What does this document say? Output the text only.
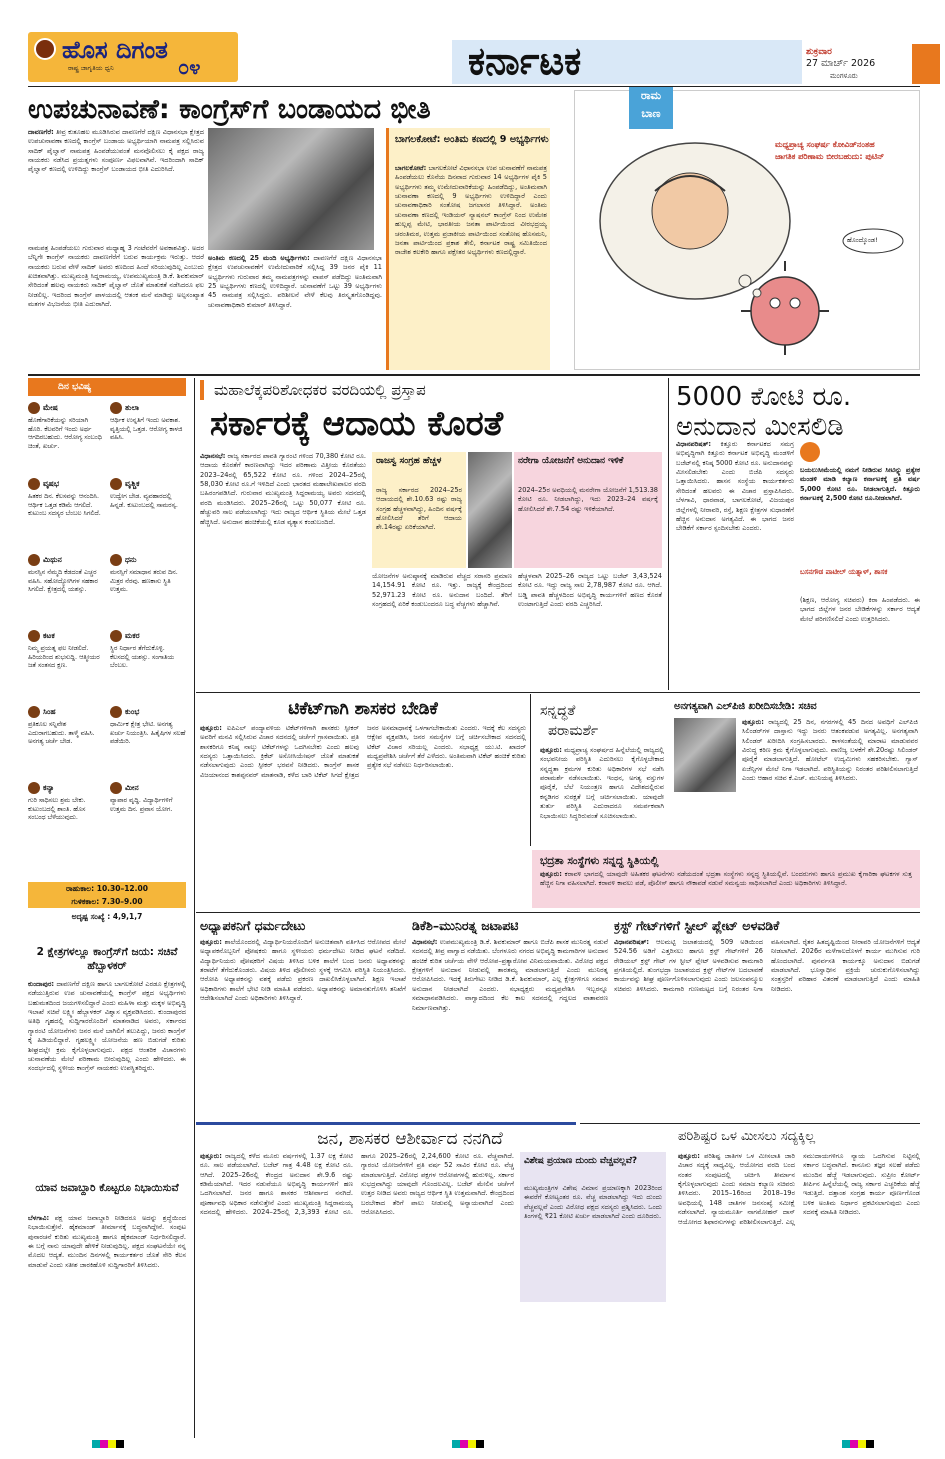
ಹೊಸ ದಿಗಂತ
ರಾಷ್ಟ್ರ ಜಾಗೃತಿಯ ಧ್ವನಿ	೦೪	ಕರ್ನಾಟಕ	ಶುಕ್ರವಾರ
27 ಮಾರ್ಚ್ 2026
ಮಂಗಳೂರು
ಉಪಚುನಾವಣೆ: ಕಾಂಗ್ರೆಸ್‌ಗೆ ಬಂಡಾಯದ ಭೀತಿ
ದಾವಣಗೆರೆ: ತೀವ್ರ ಕುತೂಹಲ ಮೂಡಿಸಿರುವ ದಾವಣಗೆರೆ ದಕ್ಷಿಣ ವಿಧಾನಸಭಾ ಕ್ಷೇತ್ರದ ಉಪಚುನಾವಣಾ ಕಣದಲ್ಲಿ ಕಾಂಗ್ರೆಸ್ ಬಂಡಾಯ ಅಭ್ಯರ್ಥಿಯಾಗಿ ನಾಮಪತ್ರ ಸಲ್ಲಿಸಿರುವ ಸಾದಿಕ್ ಪೈಲ್ವಾನ್ ನಾಮಪತ್ರ ಹಿಂಪಡೆಯುವಂತೆ ಮನವೊಲಿಸಲು ಕೈ ಪಕ್ಷದ ರಾಜ್ಯ ನಾಯಕರು ನಡೆಸಿದ ಪ್ರಯತ್ನಗಳು ಸಂಪೂರ್ಣ ವಿಫಲವಾಗಿವೆ. ಇದರಿಂದಾಗಿ ಸಾದಿಕ್ ಪೈಲ್ವಾನ್ ಕಣದಲ್ಲಿ ಉಳಿದಿದ್ದು ಕಾಂಗ್ರೆಸ್ ಬಂಡಾಯದ ಭೀತಿ ಎದುರಿಸಿದೆ.
ನಾಮಪತ್ರ ಹಿಂಪಡೆಯಲು ಗುರುವಾರ ಮಧ್ಯಾಹ್ನ 3 ಗಂಟೆವರೆಗೆ ಅವಕಾಶವಿತ್ತು. ಅದರ ಬೆನ್ನಿಗೇ ಕಾಂಗ್ರೆಸ್ ನಾಯಕರು ದಾವಣಗೆರೆಗೆ ಬರುವ ಕಾರ್ಯಕ್ರಮ ಇರುತ್ತು. ಆದರೆ ನಾಯಕರು ಬರುವ ವೇಳೆ ಸಾದಿಕ್ ಅವರು ಕಣದಿಂದ ಹಿಂದೆ ಸರಿಯುವುದಿಲ್ಲ ಎಂಬುದು ಖಚಿತವಾಗಿತ್ತು. ಮುಖ್ಯಮಂತ್ರಿ ಸಿದ್ದರಾಮಯ್ಯ, ಉಪಮುಖ್ಯಮಂತ್ರಿ ಡಿ.ಕೆ. ಶಿವಕುಮಾರ್ ಸೇರಿದಂತೆ ಹಲವು ನಾಯಕರು ಸಾದಿಕ್ ಪೈಲ್ವಾನ್ ಜೊತೆ ಮಾತುಕತೆ ನಡೆಸಿದರೂ ಫಲ ನೀಡಲಿಲ್ಲ. ಇದರಿಂದ ಕಾಂಗ್ರೆಸ್ ಪಾಳಯದಲ್ಲಿ ಆತಂಕ ಮನೆ ಮಾಡಿದ್ದು ಅಲ್ಪಸಂಖ್ಯಾತ ಮತಗಳ ವಿಭಜನೆಯ ಭೀತಿ ಎದುರಾಗಿದೆ.
ಅಂತಿಮ ಕಣದಲ್ಲಿ 25 ಮಂದಿ ಅಭ್ಯರ್ಥಿಗಳು: ದಾವಣಗೆರೆ ದಕ್ಷಿಣ ವಿಧಾನಸಭಾ ಕ್ಷೇತ್ರದ ಉಪಚುನಾವಣೆಗೆ ಉಮೇದುವಾರಿಕೆ ಸಲ್ಲಿಸಿದ್ದ 39 ಜನರ ಪೈಕಿ 11 ಅಭ್ಯರ್ಥಿಗಳು ಗುರುವಾರ ತಮ್ಮ ನಾಮಪತ್ರಗಳನ್ನು ವಾಪಸ್ ಪಡೆದಿದ್ದು ಅಂತಿಮವಾಗಿ 25 ಅಭ್ಯರ್ಥಿಗಳು ಕಣದಲ್ಲಿ ಉಳಿದಿದ್ದಾರೆ. ಚುನಾವಣೆಗೆ ಒಟ್ಟು 39 ಅಭ್ಯರ್ಥಿಗಳು 45 ನಾಮಪತ್ರ ಸಲ್ಲಿಸಿದ್ದರು. ಪರಿಶೀಲನೆ ವೇಳೆ ಕೆಲವು ತಿರಸ್ಕೃತಗೊಂಡಿದ್ದವು. ಚುನಾವಣಾಧಿಕಾರಿ ಕುಮಾರ್ ತಿಳಿಸಿದ್ದಾರೆ.
ಬಾಗಲಕೋಟೆ: ಅಂತಿಮ ಕಣದಲ್ಲಿ 9 ಅಭ್ಯರ್ಥಿಗಳು
ಬಾಗಲಕೋಟೆ: ಬಾಗಲಕೋಟೆ ವಿಧಾನಸಭಾ ಉಪ ಚುನಾವಣೆಗೆ ನಾಮಪತ್ರ ಹಿಂಪಡೆಯಲು ಕೊನೆಯ ದಿನವಾದ ಗುರುವಾರ 14 ಅಭ್ಯರ್ಥಿಗಳ ಪೈಕಿ 5 ಅಭ್ಯರ್ಥಿಗಳು ತಮ್ಮ ಉಮೇದುವಾರಿಕೆಯನ್ನು ಹಿಂಪಡೆದಿದ್ದು, ಅಂತಿಮವಾಗಿ ಚುನಾವಣಾ ಕಣದಲ್ಲಿ 9 ಅಭ್ಯರ್ಥಿಗಳು ಉಳಿದಿದ್ದಾರೆ ಎಂದು ಚುನಾವಣಾಧಿಕಾರಿ ಸಂತೋಷ ಜಗಲಾಸರ ತಿಳಿಸಿದ್ದಾರೆ. ಅಂತಿಮ ಚುನಾವಣಾ ಕಣದಲ್ಲಿ ಇಂಡಿಯನ್ ನ್ಯಾಷನಲ್ ಕಾಂಗ್ರೆಸ್ ನಿಂದ ಉಮೇಶ ಹುಲ್ಲಪ್ಪ ಮೇಟಿ, ಭಾರತೀಯ ಜನತಾ ಪಾರ್ಟಿಯಿಂದ ವೀರಭದ್ರಯ್ಯ ಚರಂತಿಮಠ, ಉತ್ತಮ ಪ್ರಜಾಕೀಯ ಪಾರ್ಟಿಯಿಂದ ಸಂತೋಷ ಹೊಸಮನಿ, ಜನತಾ ಪಾರ್ಟಿಯಿಂದ ಪ್ರಕಾಶ ತೇಲಿ, ಕರ್ನಾಟಕ ರಾಷ್ಟ್ರ ಸಮಿತಿಯಿಂದ ರಾಜೇಶ ಕಲಕೇರಿ ಹಾಗೂ ಪಕ್ಷೇತರ ಅಭ್ಯರ್ಥಿಗಳು ಕಣದಲ್ಲಿದ್ದಾರೆ.
ರಾಮ
ಬಾಣ
ಮಧ್ಯಪ್ರಾಚ್ಯ ಸಂಘರ್ಷ ಕೋವಿಡ್‌ನಂತಹ ಜಾಗತಿಕ ಪರಿಣಾಮ ಬೀರಬಹುದು: ಪುಟಿನ್
ಹೊಂದ್ಕೊಂಡ!
ದಿನ ಭವಿಷ್ಯ
ಮೇಷ
ಹೊಣೆಗಾರಿಕೆಯನ್ನು ಸರಿಯಾಗಿ ಹೊರಿ. ಕೆಲವರಿಗೆ ಇಂದು ಅರ್ಥ ಆಗದಿರಬಹುದು. ಆರೋಗ್ಯ ಸಂಬಂಧಿ ಚಿಂತೆ, ಖರ್ಚು.
ವೃಷಭ
ಹಿತಕರ ದಿನ. ಕೆಲಸವನ್ನು ಆನಂದಿಸಿ. ಆರ್ಥಿಕ ಒತ್ತಡ ಕಡಿಮೆ ಆಗಲಿದೆ. ಕುಟುಂಬ ಸದಸ್ಯರ ಬೆಂಬಲ ಸಿಗಲಿದೆ.
ಮಿಥುನ
ಮನಸ್ಸಿನ ನೆಮ್ಮದಿ ಕೆಡದಂತೆ ಎಚ್ಚರ ವಹಿಸಿ. ಸಹೋದ್ಯೋಗಿಗಳ ಸಹಕಾರ ಸಿಗಲಿದೆ. ಕ್ಷೇತ್ರದಲ್ಲಿ ಯಶಸ್ಸು.
ಕಟಕ
ನಿಮ್ಮ ಪ್ರಯತ್ನ ಫಲ ನೀಡಲಿದೆ. ಹಿರಿಯರಿಂದ ಶುಭಸುದ್ದಿ. ಆತ್ಮೀಯರ ಜತೆ ಸಂತಸದ ಕ್ಷಣ.
ಸಿಂಹ
ಪ್ರತಿಕೂಲ ಸನ್ನಿವೇಶ ಎದುರಾಗಬಹುದು. ತಾಳ್ಮೆ ವಹಿಸಿ. ಅನಗತ್ಯ ಚರ್ಚೆ ಬೇಡ.
ಕನ್ಯಾ
ಗುರಿ ಸಾಧಿಸಲು ಶ್ರಮ ಬೇಕು. ಕುಟುಂಬದಲ್ಲಿ ಶಾಂತಿ. ಹೊಸ ಸಂಬಂಧ ಬೆಳೆಯುವುದು.
ತುಲಾ
ಆರ್ಥಿಕ ಉನ್ನತಿಗೆ ಇಂದು ಅವಕಾಶ. ವೃತ್ತಿಯಲ್ಲಿ ಒತ್ತಡ. ಆರೋಗ್ಯ ಕಾಳಜಿ ವಹಿಸಿ.
ವೃಶ್ಚಿಕ
ಉದ್ವೇಗ ಬೇಡ. ವ್ಯವಹಾರದಲ್ಲಿ ಹಿನ್ನಡೆ. ಕುಟುಂಬದಲ್ಲಿ ಸಾಮರಸ್ಯ.
ಧನು
ಮನಸ್ಸಿಗೆ ಸಮಾಧಾನ ತರುವ ದಿನ. ಮಿತ್ರರ ನೆರವು. ಹಣಕಾಸು ಸ್ಥಿತಿ ಉತ್ತಮ.
ಮಕರ
ಸ್ಥಿರ ನಿರ್ಧಾರ ತೆಗೆದುಕೊಳ್ಳಿ. ಕೆಲಸದಲ್ಲಿ ಯಶಸ್ಸು. ಸಂಗಾತಿಯ ಬೆಂಬಲ.
ಕುಂಭ
ಧಾರ್ಮಿಕ ಕ್ಷೇತ್ರ ಭೇಟಿ. ಅನಗತ್ಯ ಖರ್ಚು ನಿಯಂತ್ರಿಸಿ. ಹಿತೈಷಿಗಳ ಸಲಹೆ ಪಡೆಯಿರಿ.
ಮೀನ
ವ್ಯಾಪಾರ ವೃದ್ಧಿ. ವಿದ್ಯಾರ್ಥಿಗಳಿಗೆ ಉತ್ತಮ ದಿನ. ಪ್ರವಾಸ ಯೋಗ.
ರಾಹುಕಾಲ: 10.30–12.00
ಗುಳಿಕಕಾಲ: 7.30–9.00
ಅದೃಷ್ಟ ಸಂಖ್ಯೆ : 4,9,1,7
2 ಕ್ಷೇತ್ರಗಳಲ್ಲೂ ಕಾಂಗ್ರೆಸ್‌ಗೆ ಜಯ: ಸಚಿವೆ ಹೆಬ್ಬಾಳಕರ್
ಕುಂದಾಪುರ: ದಾವಣಗೆರೆ ದಕ್ಷಿಣ ಹಾಗೂ ಬಾಗಲಕೋಟೆ ಎರಡೂ ಕ್ಷೇತ್ರಗಳಲ್ಲಿ ನಡೆಯುತ್ತಿರುವ ಉಪ ಚುನಾವಣೆಯಲ್ಲಿ ಕಾಂಗ್ರೆಸ್ ಪಕ್ಷದ ಅಭ್ಯರ್ಥಿಗಳು ಬಹುಮತದಿಂದ ಜಯಗಳಿಸಲಿದ್ದಾರೆ ಎಂದು ಮಹಿಳಾ ಮತ್ತು ಮಕ್ಕಳ ಅಭಿವೃದ್ಧಿ ಇಲಾಖೆ ಸಚಿವೆ ಲಕ್ಷ್ಮೀ ಹೆಬ್ಬಾಳಕರ್ ವಿಶ್ವಾಸ ವ್ಯಕ್ತಪಡಿಸಿದರು. ಕುಂದಾಪುರದ ಅತಿಥಿ ಗೃಹದಲ್ಲಿ ಸುದ್ದಿಗಾರರೊಂದಿಗೆ ಮಾತನಾಡಿದ ಅವರು, ಸರ್ಕಾರದ ಗ್ಯಾರಂಟಿ ಯೋಜನೆಗಳು ಜನರ ಮನೆ ಬಾಗಿಲಿಗೆ ತಲುಪಿದ್ದು, ಜನರು ಕಾಂಗ್ರೆಸ್ ಕೈ ಹಿಡಿಯಲಿದ್ದಾರೆ. ಗೃಹಲಕ್ಷ್ಮೀ ಯೋಜನೆಯ ಹಣ ಬಿಡುಗಡೆ ಕುರಿತು ಶೀಘ್ರದಲ್ಲೇ ಕ್ರಮ ಕೈಗೊಳ್ಳಲಾಗುವುದು. ಪಕ್ಷದ ಆಂತರಿಕ ವಿಚಾರಗಳು ಚುನಾವಣೆಯ ಮೇಲೆ ಪರಿಣಾಮ ಬೀರುವುದಿಲ್ಲ ಎಂದು ಹೇಳಿದರು. ಈ ಸಂದರ್ಭದಲ್ಲಿ ಸ್ಥಳೀಯ ಕಾಂಗ್ರೆಸ್ ನಾಯಕರು ಉಪಸ್ಥಿತರಿದ್ದರು.
ಯಾವ ಜವಾಬ್ದಾರಿ ಕೊಟ್ಟರೂ ನಿಭಾಯಿಸುವೆ
ಬೆಳಗಾವಿ: ಪಕ್ಷ ಯಾವ ಜವಾಬ್ದಾರಿ ನೀಡಿದರೂ ಅದನ್ನು ಶ್ರದ್ಧೆಯಿಂದ ನಿಭಾಯಿಸುತ್ತೇನೆ. ಹೈಕಮಾಂಡ್ ತೀರ್ಮಾನಕ್ಕೆ ಬದ್ಧನಾಗಿದ್ದೇನೆ. ಸಂಪುಟ ಪುನಾರಚನೆ ಕುರಿತು ಮುಖ್ಯಮಂತ್ರಿ ಹಾಗೂ ಹೈಕಮಾಂಡ್ ನಿರ್ಧರಿಸಲಿದ್ದಾರೆ. ಈ ಬಗ್ಗೆ ನಾನು ಯಾವುದೇ ಹೇಳಿಕೆ ನೀಡುವುದಿಲ್ಲ. ಪಕ್ಷದ ಸಂಘಟನೆಯೇ ನನ್ನ ಮೊದಲ ಆದ್ಯತೆ. ಮುಂದಿನ ದಿನಗಳಲ್ಲಿ ಕಾರ್ಯಕರ್ತರ ಜೊತೆ ಸೇರಿ ಕೆಲಸ ಮಾಡುವೆ ಎಂದು ಸತೀಶ ಜಾರಕಿಹೊಳಿ ಸುದ್ದಿಗಾರರಿಗೆ ತಿಳಿಸಿದರು.
ಮಹಾಲೆಕ್ಕಪರಿಶೋಧಕರ ವರದಿಯಲ್ಲಿ ಪ್ರಸ್ತಾಪ
ಸರ್ಕಾರಕ್ಕೆ ಆದಾಯ ಕೊರತೆ
ವಿಧಾನಸಭೆ: ರಾಜ್ಯ ಸರ್ಕಾರದ ಪಾವತಿ ಗ್ಯಾರಂಟಿ ಗಳಿಂದ 70,380 ಕೋಟಿ ರೂ. ಆದಾಯ ಕೊರತೆಗೆ ಕಾರಣವಾಗಿದ್ದು ಇದರ ಪರಿಣಾಮ ವಿತ್ತೀಯ ಕೊರತೆಯು 2023–24ರಲ್ಲಿ 65,522 ಕೋಟಿ ರೂ. ಗಳಿಂದ 2024–25ರಲ್ಲಿ 58,030 ಕೋಟಿ ರೂ.ಗೆ ಇಳಿದಿದೆ ಎಂದು ಭಾರತದ ಮಹಾಲೇಖಪಾಲರ ವರದಿ ಬಹಿರಂಗಪಡಿಸಿದೆ. ಗುರುವಾರ ಮುಖ್ಯಮಂತ್ರಿ ಸಿದ್ದರಾಮಯ್ಯ ಅವರು ಸದನದಲ್ಲಿ ವರದಿ ಮಂಡಿಸಿದರು. 2025–26ರಲ್ಲಿ ಒಟ್ಟು 50,077 ಕೋಟಿ ರೂ. ಹೆಚ್ಚುವರಿ ಸಾಲ ಪಡೆಯಲಾಗಿದ್ದು ಇದು ರಾಜ್ಯದ ಆರ್ಥಿಕ ಸ್ಥಿತಿಯ ಮೇಲೆ ಒತ್ತಡ ಹೆಚ್ಚಿಸಿದೆ. ಅನುದಾನ ಹಂಚಿಕೆಯಲ್ಲಿ ಕೂಡ ವ್ಯತ್ಯಾಸ ಕಂಡುಬಂದಿದೆ.
ರಾಜಸ್ವ ಸಂಗ್ರಹ ಹೆಚ್ಚಳ
ರಾಜ್ಯ ಸರ್ಕಾರದ 2024–25ರ ಆದಾಯದಲ್ಲಿ ಶೇ.10.63 ರಷ್ಟು ರಾಜ್ಯ ಸಂಗ್ರಹ ಹೆಚ್ಚಳವಾಗಿದ್ದು, ಹಿಂದಿನ ವರ್ಷಕ್ಕೆ ಹೋಲಿಸಿದರೆ ತೆರಿಗೆ ಆದಾಯ ಶೇ.14ರಷ್ಟು ಏರಿಕೆಯಾಗಿದೆ.
ನರೇಗಾ ಯೋಜನೆಗೆ ಅನುದಾನ ಇಳಿಕೆ
2024–25ರ ಅವಧಿಯಲ್ಲಿ ಮನರೇಗಾ ಯೋಜನೆಗೆ 1,513.38 ಕೋಟಿ ರೂ. ನೀಡಲಾಗಿದ್ದು, ಇದು 2023–24 ವರ್ಷಕ್ಕೆ ಹೋಲಿಸಿದರೆ ಶೇ.7.54 ರಷ್ಟು ಇಳಿಕೆಯಾಗಿದೆ.
ಯೋಜನೆಗಳ ಅನುಷ್ಠಾನಕ್ಕೆ ಮಾಡಿರುವ ವೆಚ್ಚದ ಸರಾಸರಿ ಪ್ರಮಾಣ 14,154.91 ಕೋಟಿ ರೂ. ಇತ್ತು. ರಾಜ್ಯಕ್ಕೆ ಕೇಂದ್ರದಿಂದ 52,971.23 ಕೋಟಿ ರೂ. ಅನುದಾನ ಬಂದಿದೆ. ತೆರಿಗೆ ಸಂಗ್ರಹದಲ್ಲಿ ಏರಿಕೆ ಕಂಡುಬಂದರೂ ಬದ್ಧ ವೆಚ್ಚಗಳು ಹೆಚ್ಚಾಗಿವೆ.
ಹೆಚ್ಚಳವಾಗಿ 2025–26 ರಾಜ್ಯದ ಒಟ್ಟು ಬಜೆಟ್ 3,43,524 ಕೋಟಿ ರೂ. ಇದ್ದು ರಾಜ್ಯ ಸಾಲ 2,78,987 ಕೋಟಿ ರೂ. ಆಗಿದೆ. ಬಡ್ಡಿ ಪಾವತಿ ಹೆಚ್ಚಳದಿಂದ ಅಭಿವೃದ್ಧಿ ಕಾರ್ಯಗಳಿಗೆ ಹಣದ ಕೊರತೆ ಉಂಟಾಗುತ್ತಿದೆ ಎಂದು ವರದಿ ಎಚ್ಚರಿಸಿದೆ.
5000 ಕೋಟಿ ರೂ.
ಅನುದಾನ ಮೀಸಲಿಡಿ
ವಿಧಾನಪರಿಷತ್: ಕಿತ್ತೂರು ಕರ್ನಾಟಕದ ಸಮಗ್ರ ಅಭಿವೃದ್ಧಿಗಾಗಿ ಕಿತ್ತೂರು ಕರ್ನಾಟಕ ಅಭಿವೃದ್ಧಿ ಮಂಡಳಿಗೆ ಬಜೆಟ್‌ನಲ್ಲಿ ಕನಿಷ್ಠ 5000 ಕೋಟಿ ರೂ. ಅನುದಾನವನ್ನು ಮೀಸಲಿಡಬೇಕು ಎಂದು ಬಿಜೆಪಿ ಸದಸ್ಯರು ಒತ್ತಾಯಿಸಿದರು. ಹಾಸನ ಸಂಸ್ಥೆಯ ಕಾರ್ಯಕರ್ತರು ಸೇರಿದಂತೆ ಹಲವರು ಈ ವಿಚಾರ ಪ್ರಸ್ತಾಪಿಸಿದರು. ಬೆಳಗಾವಿ, ಧಾರವಾಡ, ಬಾಗಲಕೋಟೆ, ವಿಜಯಪುರ ಜಿಲ್ಲೆಗಳಲ್ಲಿ ನೀರಾವರಿ, ರಸ್ತೆ, ಶಿಕ್ಷಣ ಕ್ಷೇತ್ರಗಳ ಸುಧಾರಣೆಗೆ ಹೆಚ್ಚಿನ ಅನುದಾನ ಅಗತ್ಯವಿದೆ. ಈ ಭಾಗದ ಜನರ ಬೇಡಿಕೆಗೆ ಸರ್ಕಾರ ಸ್ಪಂದಿಸಬೇಕು ಎಂದರು.
ಬಯಲುಸೀಮೆಯಲ್ಲಿ ನಮಗೆ ನೀಡಿರುವ ಸೀಟಿನ್ನ್ನು ಪ್ರತ್ಯೇಕ ಮಂಡಳಿ ಮಾಡಿ ಕಲ್ಯಾಣ ಕರ್ನಾಟಕಕ್ಕೆ ಪ್ರತಿ ವರ್ಷ 5,000 ಕೋಟಿ ರೂ. ನೀಡಲಾಗುತ್ತಿದೆ. ಕಿತ್ತೂರು ಕರ್ನಾಟಕಕ್ಕೆ 2,500 ಕೋಟಿ ರೂ.ನೀಡಲಾಗಿದೆ.
ಬಸನಗೌಡ ಪಾಟೀಲ್ ಯತ್ನಾಳ್, ಶಾಸಕ
(ಶಿಕ್ಷಣ, ಆರೋಗ್ಯ ಸಚಿವರು) ಕಿರಾ ಹಿಂಪಡೆದರು. ಈ ಭಾಗದ ಜಿಲ್ಲೆಗಳ ಜನರ ಬೇಡಿಕೆಗಳನ್ನು ಸರ್ಕಾರ ಆದ್ಯತೆ ಮೇಲೆ ಪರಿಗಣಿಸಲಿದೆ ಎಂದು ಉತ್ತರಿಸಿದರು.
ಟಿಕೆಟ್‌ಗಾಗಿ ಶಾಸಕರ ಬೇಡಿಕೆ
ಪುತ್ತೂರು: ಐಪಿಎಲ್ ಪಂದ್ಯಾವಳಿಯ ಟಿಕೆಟ್‌ಗಳಿಗಾಗಿ ಶಾಸಕರು ಸ್ಪೀಕರ್ ಅವರಿಗೆ ಮನವಿ ಸಲ್ಲಿಸಿರುವ ವಿಚಾರ ಸದನದಲ್ಲಿ ಚರ್ಚೆಗೆ ಗ್ರಾಸವಾಯಿತು. ಪ್ರತಿ ಶಾಸಕರಿಗೂ ಕನಿಷ್ಠ ನಾಲ್ಕು ಟಿಕೆಟ್‌ಗಳನ್ನು ಒದಗಿಸಬೇಕು ಎಂದು ಹಲವು ಸದಸ್ಯರು ಒತ್ತಾಯಿಸಿದರು. ಕ್ರಿಕೆಟ್ ಅಸೋಸಿಯೇಷನ್ ಜೊತೆ ಮಾತುಕತೆ ನಡೆಸಲಾಗುವುದು ಎಂದು ಸ್ಪೀಕರ್ ಭರವಸೆ ನೀಡಿದರು. ಕಾಂಗ್ರೆಸ್ ಶಾಸಕ ವಿಜಯಾನಂದ ಕಾಶಪ್ಪನವರ್ ಮಾತನಾಡಿ, ಕಳೆದ ಬಾರಿ ಟಿಕೆಟ್ ಸಿಗದೆ ಕ್ಷೇತ್ರದ ಜನರ ಅಸಮಾಧಾನಕ್ಕೆ ಒಳಗಾಗಬೇಕಾಯಿತು ಎಂದರು. ಇದಕ್ಕೆ ಕೆಲ ಸದಸ್ಯರು ಆಕ್ಷೇಪ ವ್ಯಕ್ತಪಡಿಸಿ, ಜನರ ಸಮಸ್ಯೆಗಳ ಬಗ್ಗೆ ಚರ್ಚಿಸಬೇಕಾದ ಸದನದಲ್ಲಿ ಟಿಕೆಟ್ ವಿಚಾರ ಸರಿಯಲ್ಲ ಎಂದರು. ಸಭಾಧ್ಯಕ್ಷ ಯು.ಟಿ. ಖಾದರ್ ಮಧ್ಯಪ್ರವೇಶಿಸಿ ಚರ್ಚೆಗೆ ತೆರೆ ಎಳೆದರು. ಅಂತಿಮವಾಗಿ ಟಿಕೆಟ್ ಹಂಚಿಕೆ ಕುರಿತು ಪ್ರತ್ಯೇಕ ಸಭೆ ನಡೆಸಲು ನಿರ್ಧರಿಸಲಾಯಿತು.
ಸನ್ನದ್ಧತೆ
ಪರಾಮರ್ಶೆ
ಪುತ್ತೂರು: ಮಧ್ಯಪ್ರಾಚ್ಯ ಸಂಘರ್ಷದ ಹಿನ್ನೆಲೆಯಲ್ಲಿ ರಾಜ್ಯದಲ್ಲಿ ಸಂಭವನೀಯ ಪರಿಸ್ಥಿತಿ ಎದುರಿಸಲು ಕೈಗೊಳ್ಳಬೇಕಾದ ಸನ್ನದ್ಧತಾ ಕ್ರಮಗಳ ಕುರಿತು ಅಧಿಕಾರಿಗಳ ಸಭೆ ನಡೆಸಿ ಪರಾಮರ್ಶೆ ನಡೆಸಲಾಯಿತು. ಇಂಧನ, ಅಗತ್ಯ ವಸ್ತುಗಳ ಪೂರೈಕೆ, ಬೆಲೆ ನಿಯಂತ್ರಣ ಹಾಗೂ ವಿದೇಶದಲ್ಲಿರುವ ಕನ್ನಡಿಗರ ಸುರಕ್ಷತೆ ಬಗ್ಗೆ ಚರ್ಚಿಸಲಾಯಿತು. ಯಾವುದೇ ತುರ್ತು ಪರಿಸ್ಥಿತಿ ಎದುರಾದರೂ ಸಮರ್ಪಕವಾಗಿ ನಿಭಾಯಿಸಲು ಸಿದ್ಧರಿರುವಂತೆ ಸೂಚಿಸಲಾಯಿತು.
ಅನಗತ್ಯವಾಗಿ ಎಲ್‌ಪಿಜಿ ಖರೀದಿಸಬೇಡಿ: ಸಚಿವ
ಪುತ್ತೂರು: ರಾಜ್ಯದಲ್ಲಿ 25 ದಿನ, ನಗರಗಳಲ್ಲಿ 45 ದಿನದ ಅವಧಿಗೆ ಎಲ್‌ಪಿಜಿ ಸಿಲಿಂಡರ್‌ಗಳ ದಾಸ್ತಾನು ಇದ್ದು ಜನರು ಆತಂಕಪಡುವ ಅಗತ್ಯವಿಲ್ಲ. ಅನಗತ್ಯವಾಗಿ ಸಿಲಿಂಡರ್ ಖರೀದಿಸಿ ಸಂಗ್ರಹಿಸಬಾರದು. ಕಾಳಸಂತೆಯಲ್ಲಿ ಮಾರಾಟ ಮಾಡುವವರ ವಿರುದ್ಧ ಕಠಿಣ ಕ್ರಮ ಕೈಗೊಳ್ಳಲಾಗುವುದು. ವಾಣಿಜ್ಯ ಬಳಕೆಗೆ ಶೇ.20ರಷ್ಟು ಸಿಲಿಂಡರ್ ಪೂರೈಕೆ ಮಾಡಲಾಗುತ್ತಿದೆ. ಹೋಟೆಲ್ ಉದ್ಯಮಿಗಳು ಸಹಕರಿಸಬೇಕು. ಗ್ಯಾಸ್ ಏಜೆನ್ಸಿಗಳ ಮೇಲೆ ನಿಗಾ ಇಡಲಾಗಿದೆ. ಪರಿಸ್ಥಿತಿಯನ್ನು ನಿರಂತರ ಪರಿಶೀಲಿಸಲಾಗುತ್ತಿದೆ ಎಂದು ಆಹಾರ ಸಚಿವ ಕೆ.ಎಚ್. ಮುನಿಯಪ್ಪ ತಿಳಿಸಿದರು.
ಭದ್ರತಾ ಸಂಸ್ಥೆಗಳು ಸನ್ನದ್ಧ ಸ್ಥಿತಿಯಲ್ಲಿ
ಪುತ್ತೂರು: ಕರಾವಳಿ ಭಾಗದಲ್ಲಿ ಯಾವುದೇ ಅಹಿತಕರ ಘಟನೆಗಳು ನಡೆಯದಂತೆ ಭದ್ರತಾ ಸಂಸ್ಥೆಗಳು ಸನ್ನದ್ಧ ಸ್ಥಿತಿಯಲ್ಲಿವೆ. ಬಂದರುಗಳು ಹಾಗೂ ಪ್ರಮುಖ ಕೈಗಾರಿಕಾ ಘಟಕಗಳ ಸುತ್ತ ಹೆಚ್ಚಿನ ನಿಗಾ ವಹಿಸಲಾಗಿದೆ. ಕರಾವಳಿ ಕಾವಲು ಪಡೆ, ಪೊಲೀಸ್ ಹಾಗೂ ನೌಕಾಪಡೆ ನಡುವೆ ಸಮನ್ವಯ ಸಾಧಿಸಲಾಗಿದೆ ಎಂದು ಅಧಿಕಾರಿಗಳು ತಿಳಿಸಿದ್ದಾರೆ.
ಅಧ್ಯಾಪಕನಿಗೆ ಧರ್ಮದೇಟು
ಪುತ್ತೂರು: ಶಾಲೆಯೊಂದರಲ್ಲಿ ವಿದ್ಯಾರ್ಥಿನಿಯರೊಂದಿಗೆ ಅನುಚಿತವಾಗಿ ವರ್ತಿಸಿದ ಆರೋಪದ ಮೇಲೆ ಅಧ್ಯಾಪಕನೊಬ್ಬನಿಗೆ ಪೋಷಕರು ಹಾಗೂ ಸ್ಥಳೀಯರು ಧರ್ಮದೇಟು ನೀಡಿದ ಘಟನೆ ನಡೆದಿದೆ. ವಿದ್ಯಾರ್ಥಿನಿಯರು ಪೋಷಕರಿಗೆ ವಿಷಯ ತಿಳಿಸಿದ ಬಳಿಕ ಶಾಲೆಗೆ ಬಂದ ಜನರು ಅಧ್ಯಾಪಕನನ್ನು ತರಾಟೆಗೆ ತೆಗೆದುಕೊಂಡರು. ವಿಷಯ ತಿಳಿದ ಪೊಲೀಸರು ಸ್ಥಳಕ್ಕೆ ಆಗಮಿಸಿ ಪರಿಸ್ಥಿತಿ ನಿಯಂತ್ರಿಸಿದರು. ಆರೋಪಿ ಅಧ್ಯಾಪಕನನ್ನು ವಶಕ್ಕೆ ಪಡೆದು ಪ್ರಕರಣ ದಾಖಲಿಸಿಕೊಳ್ಳಲಾಗಿದೆ. ಶಿಕ್ಷಣ ಇಲಾಖೆ ಅಧಿಕಾರಿಗಳು ಶಾಲೆಗೆ ಭೇಟಿ ನೀಡಿ ಮಾಹಿತಿ ಪಡೆದರು. ಅಧ್ಯಾಪಕನನ್ನು ಅಮಾನತುಗೊಳಿಸಿ ತನಿಖೆಗೆ ಆದೇಶಿಸಲಾಗಿದೆ ಎಂದು ಅಧಿಕಾರಿಗಳು ತಿಳಿಸಿದ್ದಾರೆ.
ಡಿಕೆಶಿ–ಮುನಿರತ್ನ ಜಟಾಪಟಿ
ವಿಧಾನಸಭೆ: ಉಪಮುಖ್ಯಮಂತ್ರಿ ಡಿ.ಕೆ. ಶಿವಕುಮಾರ್ ಹಾಗೂ ಬಿಜೆಪಿ ಶಾಸಕ ಮುನಿರತ್ನ ನಡುವೆ ಸದನದಲ್ಲಿ ತೀವ್ರ ವಾಗ್ವಾದ ನಡೆಯಿತು. ಬೆಂಗಳೂರು ನಗರದ ಅಭಿವೃದ್ಧಿ ಕಾಮಗಾರಿಗಳ ಅನುದಾನ ಹಂಚಿಕೆ ಕುರಿತ ಚರ್ಚೆಯ ವೇಳೆ ಆರೋಪ–ಪ್ರತ್ಯಾರೋಪ ವಿನಿಮಯವಾಯಿತು. ವಿರೋಧ ಪಕ್ಷದ ಕ್ಷೇತ್ರಗಳಿಗೆ ಅನುದಾನ ನೀಡುವಲ್ಲಿ ತಾರತಮ್ಯ ಮಾಡಲಾಗುತ್ತಿದೆ ಎಂದು ಮುನಿರತ್ನ ಆರೋಪಿಸಿದರು. ಇದಕ್ಕೆ ತಿರುಗೇಟು ನೀಡಿದ ಡಿ.ಕೆ. ಶಿವಕುಮಾರ್, ಎಲ್ಲ ಕ್ಷೇತ್ರಗಳಿಗೂ ಸಮಾನ ಅನುದಾನ ನೀಡಲಾಗಿದೆ ಎಂದರು. ಸಭಾಧ್ಯಕ್ಷರು ಮಧ್ಯಪ್ರವೇಶಿಸಿ ಇಬ್ಬರನ್ನೂ ಸಮಾಧಾನಪಡಿಸಿದರು. ವಾಗ್ವಾದದಿಂದ ಕೆಲ ಕಾಲ ಸದನದಲ್ಲಿ ಗದ್ದಲದ ವಾತಾವರಣ ನಿರ್ಮಾಣವಾಗಿತ್ತು.
ಕ್ರಸ್ಟ್ ಗೇಟ್‌ಗಳಿಗೆ ಸ್ಟೀಲ್ ಪ್ಲೇಟ್ ಅಳವಡಿಕೆ
ವಿಧಾನಪರಿಷತ್: ಆಲಮಟ್ಟಿ ಜಲಾಶಯದಲ್ಲಿ 509 ಅಡಿಯಿಂದ 524.56 ಅಡಿಗೆ ಎತ್ತರಿಸಲು ಹಾಗೂ ಕ್ರಸ್ಟ್ ಗೇಟ್‌ಗಳಿಗೆ 26 ರೇಡಿಯಲ್ ಕ್ರಸ್ಟ್ ಗೇಟ್ ಗಳ ಸ್ಟೀಲ್ ಪ್ಲೇಟ್ ಅಳವಡಿಸುವ ಕಾಮಗಾರಿ ಪ್ರಗತಿಯಲ್ಲಿದೆ. ತುಂಗಭದ್ರಾ ಜಲಾಶಯದ ಕ್ರಸ್ಟ್ ಗೇಟ್‌ಗಳ ಬದಲಾವಣೆ ಕಾರ್ಯವನ್ನು ಶೀಘ್ರ ಪೂರ್ಣಗೊಳಿಸಲಾಗುವುದು ಎಂದು ಜಲಸಂಪನ್ಮೂಲ ಸಚಿವರು ತಿಳಿಸಿದರು. ಕಾಮಗಾರಿ ಗುಣಮಟ್ಟದ ಬಗ್ಗೆ ನಿರಂತರ ನಿಗಾ ವಹಿಸಲಾಗಿದೆ. ರೈತರ ಹಿತದೃಷ್ಟಿಯಿಂದ ನೀರಾವರಿ ಯೋಜನೆಗಳಿಗೆ ಆದ್ಯತೆ ನೀಡಲಾಗಿದೆ. 2026ರ ಮಳೆಗಾಲದೊಳಗೆ ಕಾರ್ಯ ಮುಗಿಸುವ ಗುರಿ ಹೊಂದಲಾಗಿದೆ. ಪುನರ್ವಸತಿ ಕಾರ್ಯಕ್ಕೂ ಅನುದಾನ ಬಿಡುಗಡೆ ಮಾಡಲಾಗಿದೆ. ಭೂಸ್ವಾಧೀನ ಪ್ರಕ್ರಿಯೆ ಚುರುಕುಗೊಳಿಸಲಾಗಿದ್ದು ಸಂತ್ರಸ್ತರಿಗೆ ಪರಿಹಾರ ವಿತರಣೆ ಮಾಡಲಾಗುತ್ತಿದೆ ಎಂದು ಮಾಹಿತಿ ನೀಡಿದರು.
ಜನ, ಶಾಸಕರ ಆಶೀರ್ವಾದ ನನಗಿದೆ
ಪುತ್ತೂರು: ರಾಜ್ಯದಲ್ಲಿ ಕಳೆದ ಮೂರು ವರ್ಷಗಳಲ್ಲಿ 1.37 ಲಕ್ಷ ಕೋಟಿ ರೂ. ಸಾಲ ಪಡೆಯಲಾಗಿದೆ. ಬಜೆಟ್ ಗಾತ್ರ 4.48 ಲಕ್ಷ ಕೋಟಿ ರೂ. ಆಗಿದೆ. 2025–26ರಲ್ಲಿ ಕೇಂದ್ರದ ಅನುದಾನ ಶೇ.9.6 ರಷ್ಟು ಕಡಿಮೆಯಾಗಿದೆ. ಇದರ ನಡುವೆಯೂ ಅಭಿವೃದ್ಧಿ ಕಾರ್ಯಗಳಿಗೆ ಹಣ ಒದಗಿಸಲಾಗಿದೆ. ಜನರ ಹಾಗೂ ಶಾಸಕರ ಆಶೀರ್ವಾದ ನನಗಿದೆ. ಪೂರ್ಣಾವಧಿ ಅಧಿಕಾರ ನಡೆಸುತ್ತೇನೆ ಎಂದು ಮುಖ್ಯಮಂತ್ರಿ ಸಿದ್ದರಾಮಯ್ಯ ಸದನದಲ್ಲಿ ಹೇಳಿದರು. 2024–25ರಲ್ಲಿ 2,3,393 ಕೋಟಿ ರೂ. ಹಾಗೂ 2025–26ರಲ್ಲಿ 2,24,600 ಕೋಟಿ ರೂ. ವೆಚ್ಚವಾಗಿದೆ. ಗ್ಯಾರಂಟಿ ಯೋಜನೆಗಳಿಗೆ ಪ್ರತಿ ವರ್ಷ 52 ಸಾವಿರ ಕೋಟಿ ರೂ. ವೆಚ್ಚ ಮಾಡಲಾಗುತ್ತಿದೆ. ವಿರೋಧ ಪಕ್ಷಗಳ ಆರೋಪಗಳಲ್ಲಿ ಹುರುಳಿಲ್ಲ. ಸರ್ಕಾರ ಸುಭದ್ರವಾಗಿದ್ದು ಯಾವುದೇ ಗೊಂದಲವಿಲ್ಲ. ಬಜೆಟ್ ಮೇಲಿನ ಚರ್ಚೆಗೆ ಉತ್ತರ ನೀಡಿದ ಅವರು ರಾಜ್ಯದ ಆರ್ಥಿಕ ಸ್ಥಿತಿ ಉತ್ತಮವಾಗಿದೆ. ಕೇಂದ್ರದಿಂದ ಬರಬೇಕಾದ ತೆರಿಗೆ ಪಾಲು ನೀಡುವಲ್ಲಿ ಅನ್ಯಾಯವಾಗಿದೆ ಎಂದು ಆರೋಪಿಸಿದರು.
ವಿಶೇಷ ಪ್ರಯಾಣ ದುಂದು ವೆಚ್ಚವಲ್ಲವೆ?
ಮುಖ್ಯಮಂತ್ರಿಗಳ ವಿಶೇಷ ವಿಮಾನ ಪ್ರಯಾಣಕ್ಕಾಗಿ 2023ರಿಂದ ಈವರೆಗೆ ಕೋಟ್ಯಂತರ ರೂ. ವೆಚ್ಚ ಮಾಡಲಾಗಿದ್ದು ಇದು ದುಂದು ವೆಚ್ಚವಲ್ಲವೆ ಎಂದು ವಿರೋಧ ಪಕ್ಷದ ಸದಸ್ಯರು ಪ್ರಶ್ನಿಸಿದರು. ಒಂದು ತಿಂಗಳಲ್ಲಿ ₹21 ಕೋಟಿ ಖರ್ಚು ಮಾಡಲಾಗಿದೆ ಎಂದು ದೂರಿದರು.
ಪರಿಶಿಷ್ಟರ ಒಳ ಮೀಸಲು ಸದ್ಯಕ್ಕಿಲ್ಲ
ಪುತ್ತೂರು: ಪರಿಶಿಷ್ಟ ಜಾತಿಗಳ ಒಳ ಮೀಸಲಾತಿ ಜಾರಿ ವಿಚಾರ ಸದ್ಯಕ್ಕೆ ಸಾಧ್ಯವಿಲ್ಲ. ಆಯೋಗದ ವರದಿ ಬಂದ ನಂತರ ಸಂಪುಟದಲ್ಲಿ ಚರ್ಚಿಸಿ ತೀರ್ಮಾನ ಕೈಗೊಳ್ಳಲಾಗುವುದು ಎಂದು ಸಮಾಜ ಕಲ್ಯಾಣ ಸಚಿವರು ತಿಳಿಸಿದರು. 2015–16ರಿಂದ 2018–19ರ ಅವಧಿಯಲ್ಲಿ 148 ಜಾತಿಗಳ ಜನಸಂಖ್ಯೆ ಸಮೀಕ್ಷೆ ನಡೆಸಲಾಗಿದೆ. ನ್ಯಾಯಮೂರ್ತಿ ನಾಗಮೋಹನ್ ದಾಸ್ ಆಯೋಗದ ಶಿಫಾರಸುಗಳನ್ನು ಪರಿಶೀಲಿಸಲಾಗುತ್ತಿದೆ. ಎಲ್ಲ ಸಮುದಾಯಗಳಿಗೂ ನ್ಯಾಯ ಒದಗಿಸುವ ನಿಟ್ಟಿನಲ್ಲಿ ಸರ್ಕಾರ ಬದ್ಧವಾಗಿದೆ. ಕಾನೂನು ತಜ್ಞರ ಸಲಹೆ ಪಡೆದು ಮುಂದಿನ ಹೆಜ್ಜೆ ಇಡಲಾಗುವುದು. ಸುಪ್ರೀಂ ಕೋರ್ಟ್ ತೀರ್ಪಿನ ಹಿನ್ನೆಲೆಯಲ್ಲಿ ರಾಜ್ಯ ಸರ್ಕಾರ ಎಚ್ಚರಿಕೆಯ ಹೆಜ್ಜೆ ಇಡುತ್ತಿದೆ. ದತ್ತಾಂಶ ಸಂಗ್ರಹ ಕಾರ್ಯ ಪೂರ್ಣಗೊಂಡ ಬಳಿಕ ಅಂತಿಮ ನಿರ್ಧಾರ ಪ್ರಕಟಿಸಲಾಗುವುದು ಎಂದು ಸದನಕ್ಕೆ ಮಾಹಿತಿ ನೀಡಿದರು.
